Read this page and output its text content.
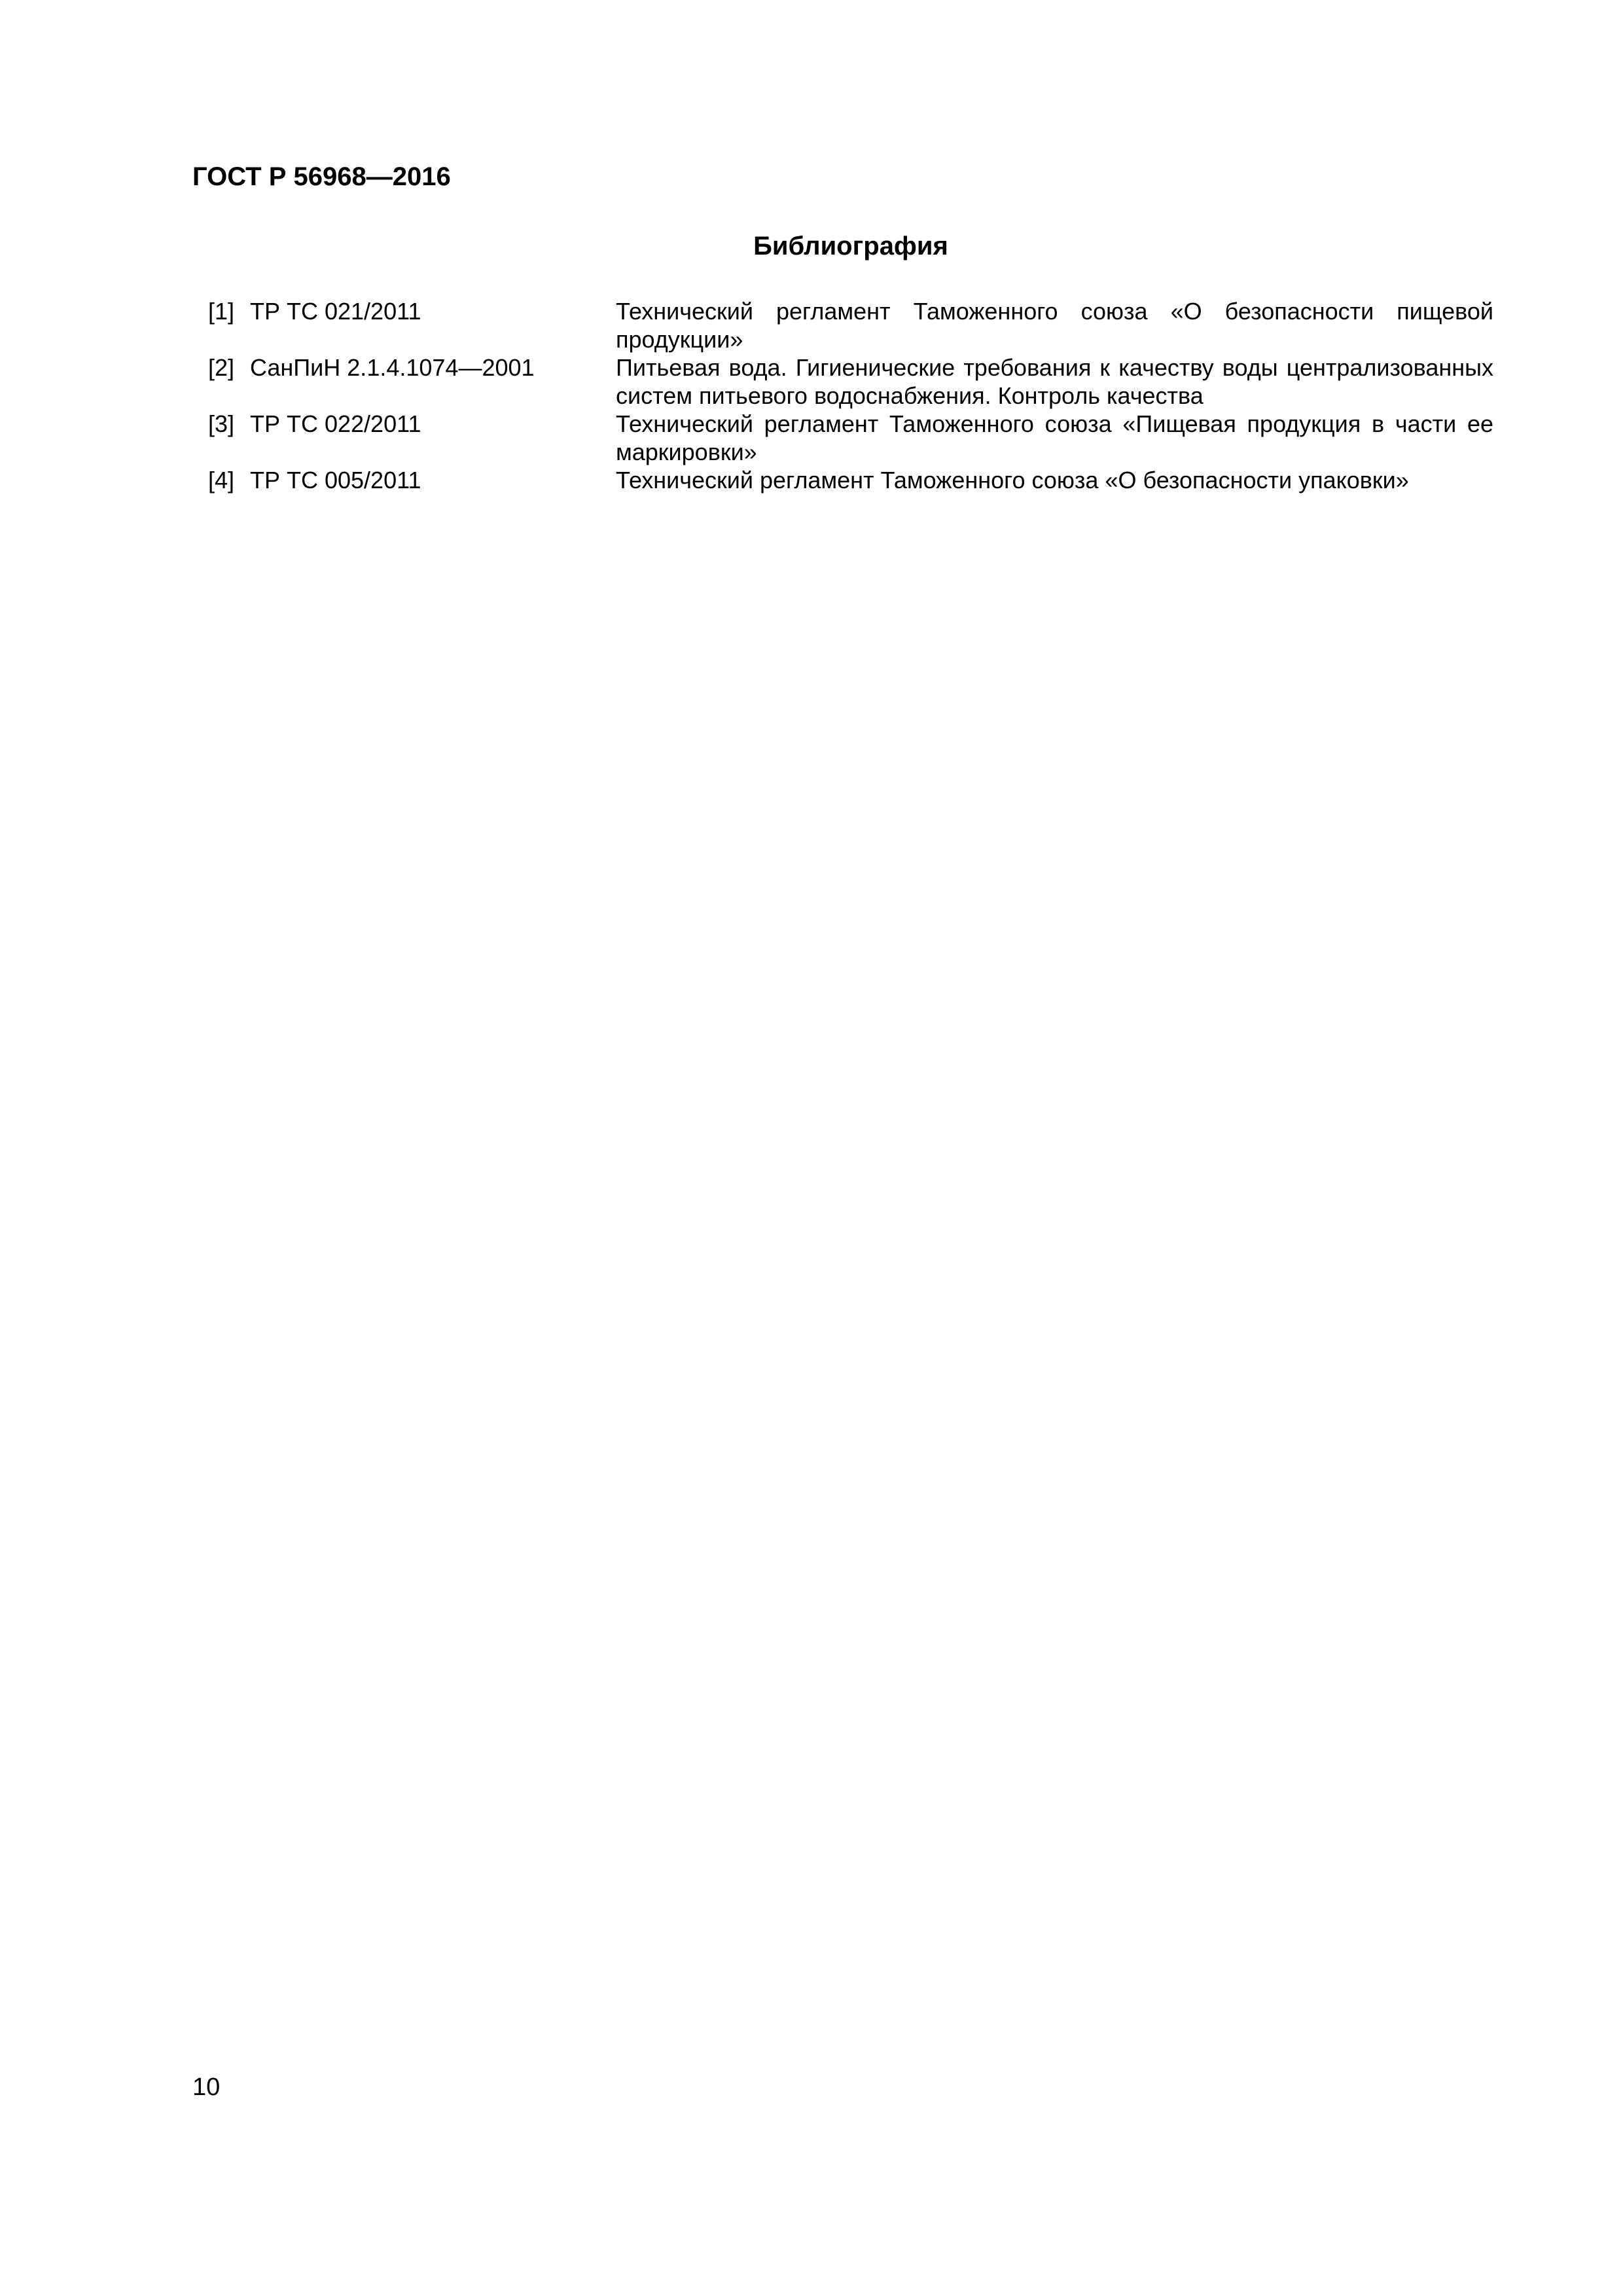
ГОСТ Р 56968—2016
Библиография
[1] ТР ТС 021/2011	Технический регламент Таможенного союза «О безопасности пищевой продукции»
[2] СанПиН 2.1.4.1074—2001	Питьевая вода. Гигиенические требования к качеству воды централизованных систем питьевого водоснабжения. Контроль качества
[3] ТР ТС 022/2011	Технический регламент Таможенного союза «Пищевая продукция в части ее маркировки»
[4] ТР ТС 005/2011	Технический регламент Таможенного союза «О безопасности упаковки»
10
